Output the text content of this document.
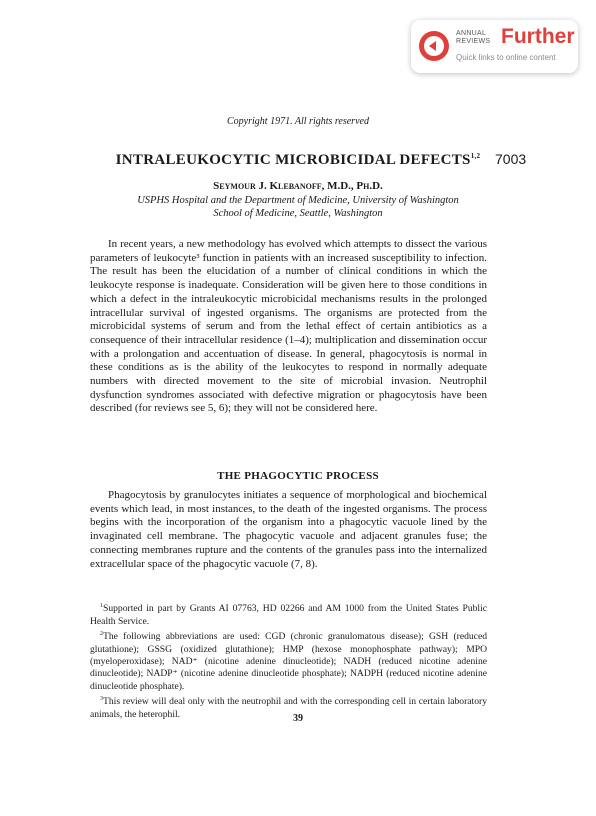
ANNUAL
REVIEWS Further
Quick links to online content
Copyright 1971. All rights reserved
INTRALEUKOCYTIC MICROBICIDAL DEFECTS$^{1,2}$	7003
Seymour J. Klebanoff, M.D., Ph.D.
USPHS Hospital and the Department of Medicine, University of Washington
School of Medicine, Seattle, Washington

In recent years, a new methodology has evolved which attempts to dissect the various parameters of leukocyte³ function in patients with an increased susceptibility to infection. The result has been the elucidation of a number of clinical conditions in which the leukocyte response is inadequate. Consideration will be given here to those conditions in which a defect in the intraleukocytic microbicidal mechanisms results in the prolonged intracellular survival of ingested organisms. The organisms are protected from the microbicidal systems of serum and from the lethal effect of certain antibiotics as a consequence of their intracellular residence (1–4); multiplication and dissemination occur with a prolongation and accentuation of disease. In general, phagocytosis is normal in these conditions as is the ability of the leukocytes to respond in normally adequate numbers with directed movement to the site of microbial invasion. Neutrophil dysfunction syndromes associated with defective migration or phagocytosis have been described (for reviews see 5, 6); they will not be considered here.

THE PHAGOCYTIC PROCESS

Phagocytosis by granulocytes initiates a sequence of morphological and biochemical events which lead, in most instances, to the death of the ingested organisms. The process begins with the incorporation of the organism into a phagocytic vacuole lined by the invaginated cell membrane. The phagocytic vacuole and adjacent granules fuse; the connecting membranes rupture and the contents of the granules pass into the internalized extracellular space of the phagocytic vacuole (7, 8).

$^1$Supported in part by Grants AI 07763, HD 02266 and AM 1000 from the United States Public Health Service.

$^2$The following abbreviations are used: CGD (chronic granulomatous disease); GSH (reduced glutathione); GSSG (oxidized glutathione); HMP (hexose monophosphate pathway); MPO (myeloperoxidase); NAD⁺ (nicotine adenine dinucleotide); NADH (reduced nicotine adenine dinucleotide); NADP⁺ (nicotine adenine dinucleotide phosphate); NADPH (reduced nicotine adenine dinucleotide phosphate).

$^3$This review will deal only with the neutrophil and with the corresponding cell in certain laboratory animals, the heterophil.	39
